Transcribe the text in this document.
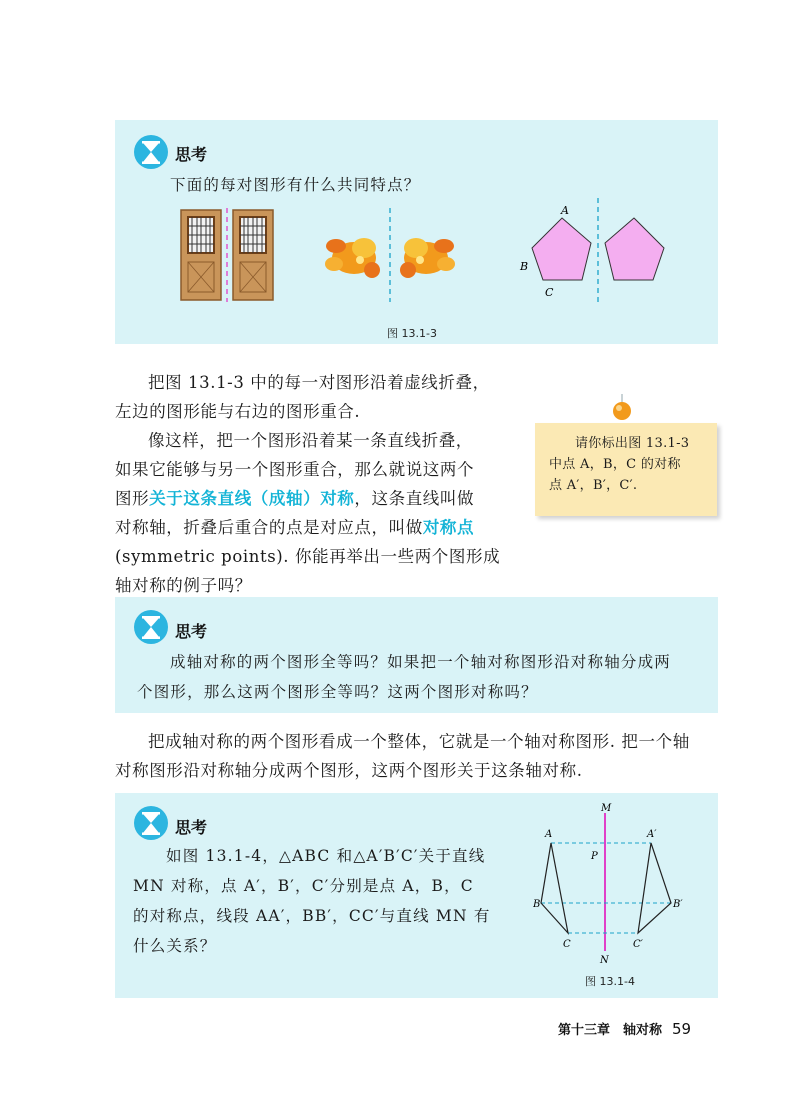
思考
下面的每对图形有什么共同特点？
A
B
C
图 13.1-3
把图 13.1-3 中的每一对图形沿着虚线折叠，
左边的图形能与右边的图形重合.
像这样，把一个图形沿着某一条直线折叠，
如果它能够与另一个图形重合，那么就说这两个
图形关于这条直线（成轴）对称，这条直线叫做
对称轴，折叠后重合的点是对应点，叫做对称点
(symmetric points). 你能再举出一些两个图形成
轴对称的例子吗？
请你标出图 13.1-3
中点 A，B，C 的对称
点 A′，B′，C′.
思考
成轴对称的两个图形全等吗？如果把一个轴对称图形沿对称轴分成两
个图形，那么这两个图形全等吗？这两个图形对称吗？
把成轴对称的两个图形看成一个整体，它就是一个轴对称图形. 把一个轴
对称图形沿对称轴分成两个图形，这两个图形关于这条轴对称.
思考
如图 13.1-4，△ABC 和△A′B′C′关于直线
MN 对称，点 A′，B′，C′分别是点 A，B，C
的对称点，线段 AA′，BB′，CC′与直线 MN 有
什么关系？
M
N
P
A
B
C
A′
B′
C′
图 13.1-4
第十三章　轴对称 59
